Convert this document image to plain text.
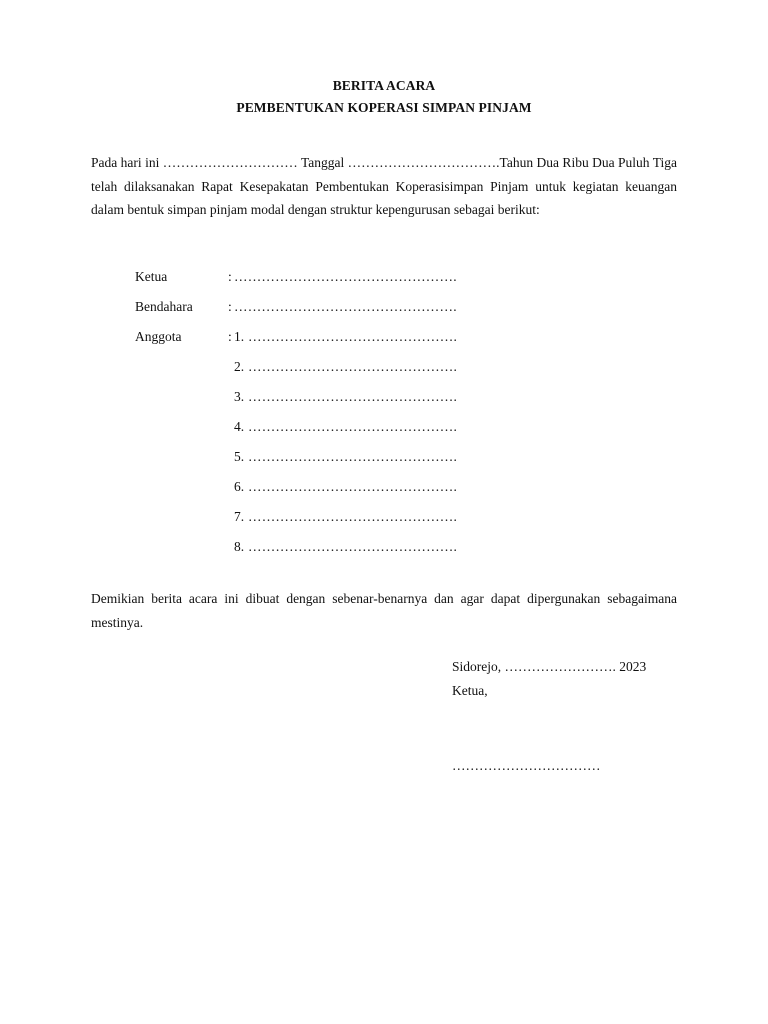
BERITA ACARA
PEMBENTUKAN KOPERASI SIMPAN PINJAM
Pada hari ini ………………………… Tanggal …………………………….Tahun Dua Ribu Dua Puluh Tiga telah dilaksanakan Rapat Kesepakatan Pembentukan Koperasisimpan Pinjam untuk kegiatan keuangan dalam bentuk simpan pinjam modal dengan struktur kepengurusan sebagai berikut:
Ketua	: ………………………………………….
Bendahara	: ………………………………………….
Anggota	: 1. ……………………………………….
2. ……………………………………….
3. ……………………………………….
4. ……………………………………….
5. ……………………………………….
6. ……………………………………….
7. ……………………………………….
8. ……………………………………….
Demikian berita acara ini dibuat dengan sebenar-benarnya dan agar dapat dipergunakan sebagaimana mestinya.
Sidorejo, ……………………. 2023
Ketua,
……………………………
